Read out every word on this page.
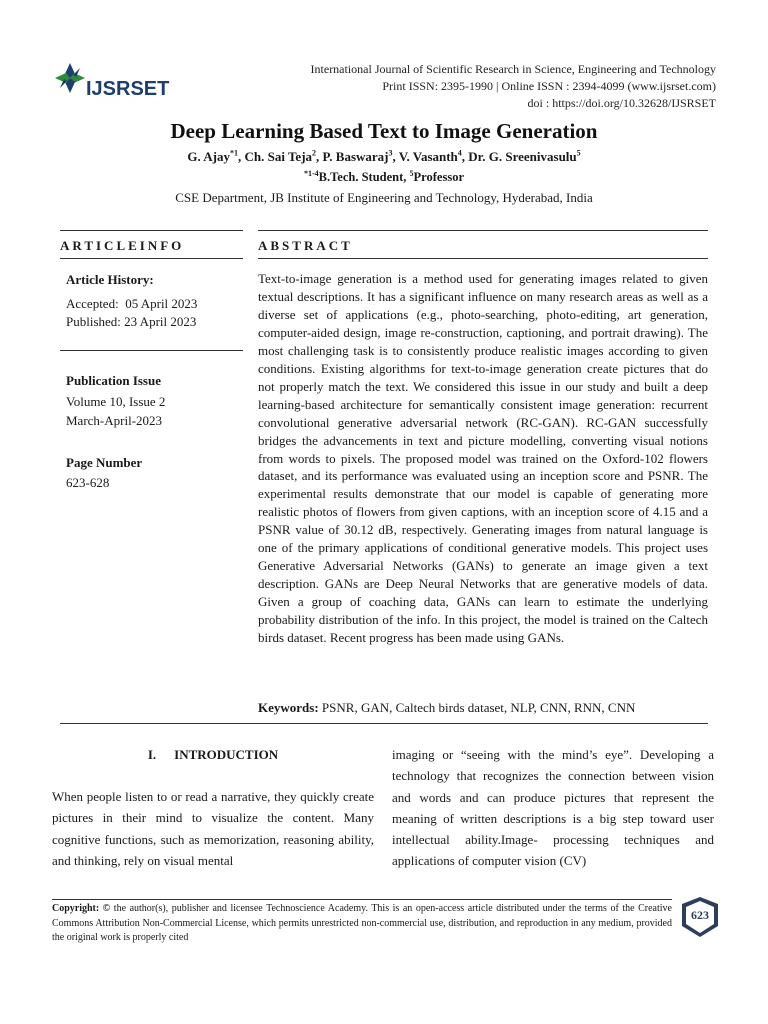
IJSRSET
International Journal of Scientific Research in Science, Engineering and Technology
Print ISSN: 2395-1990 | Online ISSN : 2394-4099 (www.ijsrset.com)
doi : https://doi.org/10.32628/IJSRSET
Deep Learning Based Text to Image Generation
G. Ajay$^{*1}$, Ch. Sai Teja$^2$, P. Baswaraj$^3$, V. Vasanth$^4$, Dr. G. Sreenivasulu$^5$
$^{*1-4}$B.Tech. Student, $^5$Professor
CSE Department, JB Institute of Engineering and Technology, Hyderabad, India
ARTICLEINFO
Article History:
Accepted:  05 April 2023
Published: 23 April 2023
Publication Issue
Volume 10, Issue 2
March-April-2023
Page Number
623-628
ABSTRACT
Text-to-image generation is a method used for generating images related to given textual descriptions. It has a significant influence on many research areas as well as a diverse set of applications (e.g., photo-searching, photo-editing, art generation, computer-aided design, image re-construction, captioning, and portrait drawing). The most challenging task is to consistently produce realistic images according to given conditions. Existing algorithms for text-to-image generation create pictures that do not properly match the text. We considered this issue in our study and built a deep learning-based architecture for semantically consistent image generation: recurrent convolutional generative adversarial network (RC-GAN). RC-GAN successfully bridges the advancements in text and picture modelling, converting visual notions from words to pixels. The proposed model was trained on the Oxford-102 flowers dataset, and its performance was evaluated using an inception score and PSNR. The experimental results demonstrate that our model is capable of generating more realistic photos of flowers from given captions, with an inception score of 4.15 and a PSNR value of 30.12 dB, respectively. Generating images from natural language is one of the primary applications of conditional generative models. This project uses Generative Adversarial Networks (GANs) to generate an image given a text description. GANs are Deep Neural Networks that are generative models of data. Given a group of coaching data, GANs can learn to estimate the underlying probability distribution of the info. In this project, the model is trained on the Caltech birds dataset. Recent progress has been made using GANs.
Keywords: PSNR, GAN, Caltech birds dataset, NLP, CNN, RNN, CNN
I. INTRODUCTION
When people listen to or read a narrative, they quickly create pictures in their mind to visualize the content. Many cognitive functions, such as memorization, reasoning ability, and thinking, rely on visual mental
imaging or “seeing with the mind’s eye”. Developing a technology that recognizes the connection between vision and words and can produce pictures that represent the meaning of written descriptions is a big step toward user intellectual ability.Image- processing techniques and applications of computer vision (CV)
Copyright: © the author(s), publisher and licensee Technoscience Academy. This is an open-access article distributed under the terms of the Creative Commons Attribution Non-Commercial License, which permits unrestricted non-commercial use, distribution, and reproduction in any medium, provided the original work is properly cited
623
